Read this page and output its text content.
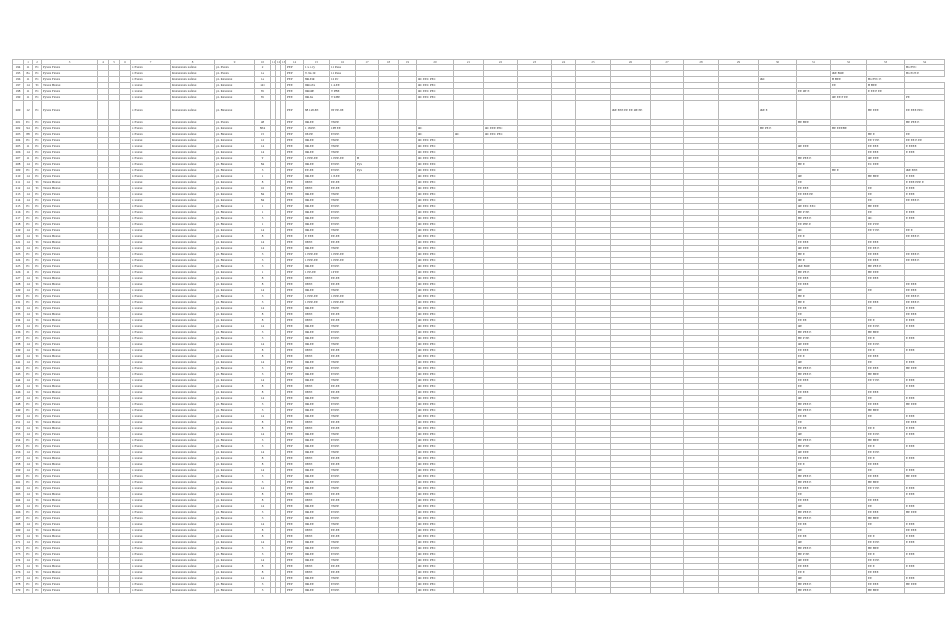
	1	2	3	4	5	6	7	8	9	10	11	12	13	14	15	16	17	18	19	20	21	22	23	24	25	26	27	28	29	30	31	32	33	34	
194	11	Р1	Рyxxx Fxxxx				г. Рxxxx	Кxxxxxxxx хаfxxx	ул. Рxxxx	2				РЕР	1 х с.ту	11 Раха																		Вх РУС	
195	8а	Р1	Рyxxx Fxxxx				г. Рxxxx	Кxxxxxxxx хаfxxx	ул. Рxxxx	1а				РЕР	Т. 9x.19	11 Раха																ЖЕ ВОЕ		Вх Рт/Е Е	
196	11	Р1	Рyxxx Fxxxx				г. Рxxxx	Кxxxxxxxx хаfxxx	ул. Кхххххх	1а				РЕР	8Ф.ЕФ	12 Р.т				ЯС ЕЕС РЕС										ЖС		В ВЕЕ	Вх РУС Е		
197	14	Т1	Тхххх Вхххх				г. ххххх	Кхххххххх хаfххх	ул. Кхххххх	14т				РЕЕ	9Фх.Ех	1 4.ЕЕ				ЯС ЕЕС РЕС												ЕЕ	В ВЕЕ		
198	11	Р1	Рyxxx Fxxxx				г. ххххх	Кхххххххх хаfххх	ул. Кхххххх	8т				РЕЕ	9Фх9Е	Т РВЕ				ЯС ЕЕС РЕС											ЕЕ ЯТ Е		Е ЕЕ Р ЕЕ		
199	11	Р1	Рyxxx Fxxxx				г. ххххх	Кхххххххх хаfххх	ул. Кхххххх	8т				РЕЕ	9Ф.6х	Т 9.ВЕ				ЯС ЕЕС РЕС												ЯЕ ЕЕ Р ЕЕ		РЕ	
200	12	Р1	Рyxxx Fxxxx				г. Рxxxx	Кxxxxxxxx хаfxxx	ул. Вхххххх					РЕР	88 1х8.ЕЕ	9Т ЕЕ.9Е										ЖЕ ЕЕЕ ЕЕ ЕЕ ЯЕ ЕЕ				ЖЕ Е			ВЕ ЕЕЕ	ЕЕ ЕЕЕ ЕЕС	
201	Е1	Р1	Рyxxx Fxxxx				г. Рxxxx	Кxxxxxxxx хаfxxx	ул. Рxxxx	48				РЕР	9Ф.ЕЕ	Т8.ЕЕ															ВЕ ВЕЕ			ВЕ РЕЕ Е	
202	94	Р1	Рyxxx Fxxxx				г. Рxxxx	Кxxxxxxxx хаfxxx	ул. Кхххххх	8Е4				РЕР	1 18.ЕЕ	1Р8 ЕЕ				ЯС		ЯС ЕЕЕ РЕС								ВЕ РЕ Е		ВЕ ЕЕЕВЕ			
203	88	Р1	Рyxxx Fxxxx				г. Рxxxx	Кxxxxxxxx хаfxxx	ул. Вхххххх	15				РЕР	9Е.ЕЕ	ЕТ.ЕЕ				ЯС	ЯС	ЯС ЕЕС РЕС											ВЕ Е	ЕЕ	
204	Р1	Р1	Рyxxx Fxxxx				г. ххххх	Кхххххххх хаfххх	ул. Кхххххх	12				РЕЕ	9Ф.ЕЕ	Т8.ЕЕ				ЯС ЕЕС РЕС													ЕЕ Т ЕЕ	ЕЕ ЕЕ Е ЕЕ	
205	11	Р1	Рyxxx Fxxxx				г. ххххх	Кхххххххх хаfххх	ул. Кхххххх	14				РЕЕ	9Ф.ЕЕ	Т8.ЕЕ				ЯС ЕЕС РЕС											ЯЕ ЕЕЕ		ЕЕ ЕЕЕ	Е ЕЕЕЕ	
206	14	Р1	Рyxxx Fxxxx				г. ххххх	Кхххххххх хаfххх	ул. Кхххххх	14				РЕЕ	9Ф.ЕЕ	Т8.ЕЕ				ЯС ЕЕС РЕС													ЕЕ ЕЕЕ	Е ЕЕЕ	
207	11	Р1	Рyxxx Fxxxx				г. Рxxxx	Кxxxxxxxx хаfxxx	ул. Кхххххх	Т				РЕР	1 ЕЕЕ.ЕЕ	1 ЕЕЕ.ЕЕ	В			ЯС ЕЕС РЕС											ВЕ РЕЕ Е		ЯЕ ЕЕЕ		
208	14	Р1	Рyxxx Fxxxx				г. Рxxxx	Кxxxxxxxx хаfxxx	ул. Вхххххх	84				РЕР	9Ф.ЕЕ	ЕТ.ЕЕ	Рух			ЯС ЕЕС ЕЕС											ВЕ Е		ЕС ЕЕЕ		
209	Р1	Р1	Рyxxx Fxxxx				г. Рxxxx	Кxxxxxxxx хаfxxx	ул. Вхххххх	3				РЕР	ЕЕ.ЕЕ	ЕТ.ЕЕ	Рух			ЯС ЕЕС ЕЕС												ВЕ Е		ЖЕ ЕЕЕ	
210	14	Р1	Рyxxx Fxxxx				г. Рxxxx	Кxxxxxxxx хаfxxx	ул. Кхххххх	1				РЕР	9Ф.ЕЕ	1 8.ЕЕ				ЯС ЕЕС РЕС											ЯЕ		ВЕ ВЕЕ	Е ЕЕЕ	
211	14	Т1	Тхххх Вхххх				г. ххххх	Кхххххххх хаfххх	ул. Кхххххх	8				РЕЕ	9ЕЕЕ	ЕЕ.ЕЕ				ЯС ЕЕС РЕС											ЕЕ			Е ЕЕЕ ЕЕЕ Е	
212	14	Т1	Тхххх Вхххх				г. ххххх	Кхххххххх хаfххх	ул. Кхххххх	16				РЕЕ	9ЕЕЕ	ЕЕ.ЕЕ				ЯС ЕЕС РЕС											ЕЕ ЕЕЕ		ЕЕ	Е ЕЕЕ	
213	14	Р1	Рyxxx Fxxxx				г. ххххх	Кхххххххх хаfххх	ул. Кхххххх	84				РЕЕ	9Ф.ЕЕ	Т8.ЕЕ				ЯС ЕЕС РЕС											ЕЕ ЕЕЕ ЕЕ		ЕЕ	Е ЕЕЕ	
214	14	Р1	Рyxxx Fxxxx				г. ххххх	Кхххххххх хаfххх	ул. Кхххххх	84				РЕЕ	9Ф.ЕЕ	Т8.ЕЕ				ЯС ЕЕС РЕС											ЯЕ		ЕЕ	ЕЕ ЕЕЕ Е	
215	Р1	Р1	Рyxxx Fxxxx				г. Рxxxx	Кxxxxxxxx хаfxxx	ул. Вхххххх	1				РЕР	9Ф.ЕЕ	ЕТ.ЕЕ				ЯС ЕЕС РЕС											ЯЕ ЕЕС ЕЕС		ВЕ ЕЕЕ		
216	Р1	Р1	Рyxxx Fxxxx				г. Рxxxx	Кxxxxxxxx хаfxxx	ул. Вхххххх	1				РЕР	9Ф.ЕЕ	ЕТ.ЕЕ				ЯС ЕЕС РЕС											ВЕ Р ЕЕ		ЕЕ	Е ЕЕЕ	
217	Р1	Р1	Рyxxx Fxxxx				г. Рxxxx	Кxxxxxxxx хаfxxx	ул. Вхххххх	5				РЕР	9Ф.ЕЕ	ЕТ.ЕЕ				ЯС ЕЕС РЕС											ВЕ РЕЕ Е		ЯС	Е ЕЕЕ	
218	Р1	Р1	Рyxxx Fxxxx				г. Рxxxx	Кxxxxxxxx хаfxxx	ул. Вхххххх	1				РЕР	9Ф.ЕЕ	ЕТ.ЕЕ				ЯС ЕЕС РЕС											ЕЕ РЕЕ Е		ЕЕ Р ЕЕ		
219	14	Р1	Рyxxx Fxxxx				г. ххххх	Кхххххххх хаfххх	ул. Кхххххх	14				РЕЕ	9Ф.ЕЕ	Т8.ЕЕ				ЯС ЕЕС РЕС											ЯС		ЕЕ Т ЕЕ	ЕЕ Е	
220	14	Т1	Тхххх Вхххх				г. ххххх	Кхххххххх хаfххх	ул. Кхххххх	8				РЕЕ	Е ЕЕЕ	ЕЕ.ЕЕ				ЯС ЕЕС РЕС											ЕЕ Е			ЕЕ ЕЕЕ Е	
221	14	Т1	Тхххх Вхххх				г. ххххх	Кхххххххх хаfххх	ул. Кхххххх	14				РЕЕ	9ЕЕЕ	ЕЕ.ЕЕ				ЯС ЕЕС РЕС											ЕЕ ЕЕЕ		ЕЕ ЕЕЕ		
222	14	Р1	Рyxxx Fxxxx				г. ххххх	Кхххххххх хаfххх	ул. Кхххххх	14				РЕЕ	9Ф.ЕЕ	Т8.ЕЕ				ЯС ЕЕС РЕС											ЯЕ ЕЕЕ		ЕЕ ЕЕ Е		
223	Р1	Р1	Рyxxx Fxxxx				г. Рxxxx	Кxxxxxxxx хаfxxx	ул. Вхххххх	3				РЕР	1 ЕЕЕ.ЕЕ	1 ЕЕЕ.ЕЕ				ЯС ЕЕС РЕС											ВЕ Е		ЕЕ ЕЕЕ	ЕЕ ЕЕЕ Е	
224	Р1	Р1	Рyxxx Fxxxx				г. Рxxxx	Кxxxxxxxx хаfxxx	ул. Вхххххх	3				РЕР	1 ЕЕЕ.ЕЕ	1 ЕЕЕ.ЕЕ				ЯС ЕЕС РЕС											ВЕ Е		ЕЕ ЕЕЕ	ЕЕ ЕЕЕ Е	
225	Р1	Р1	Рyxxx Fxxxx				г. Рxxxx	Кxxxxxxxx хаfxxx	ул. Вхххххх	3				РЕР	9Ф.ЕЕ	ЕТ.ЕЕ				ЯС ЕЕС РЕС											ЖЕ ВОЕ		ВЕ РЕЕ Е		
226	11	Р1	Рyxxx Fxxxx				г. Рxxxx	Кxxxxxxxx хаfxxx	ул. Кхххххх	1				РЕР	1 ЕЕ.ЕЕ	1Р ЕЕ				ЯС ЕЕС РЕС											ВЕ РЕ Е		ВЕ ЕЕЕ		
227	14	Т1	Тхххх Вхххх				г. ххххх	Кхххххххх хаfххх	ул. Кхххххх	8				РЕЕ	9ЕЕЕ	ЕЕ.ЕЕ				ЯС ЕЕС РЕС											ЕЕ ЕЕЕ		ЕЕ ЕЕЕ		
228	14	Т1	Тхххх Вхххх				г. ххххх	Кхххххххх хаfххх	ул. Кхххххх	8				РЕЕ	9ЕЕЕ	ЕЕ.ЕЕ				ЯС ЕЕС РЕС											ЕЕ ЕЕЕ			ЕЕ ЕЕЕ	
229	14	Р1	Рyxxx Fxxxx				г. ххххх	Кхххххххх хаfххх	ул. Кхххххх	14				РЕЕ	9Ф.ЕЕ	Т8.ЕЕ				ЯС ЕЕС РЕС											ЯЕ		ЕЕ	ЕЕ ЕЕЕ	
230	Р1	Р1	Рyxxx Fxxxx				г. Рxxxx	Кxxxxxxxx хаfxxx	ул. Вхххххх	3				РЕР	1 ЕЕЕ.ЕЕ	1 ЕЕЕ.ЕЕ				ЯС ЕЕС РЕС											ВЕ Е			ЕЕ ЕЕЕ Е	
231	Р1	Р1	Рyxxx Fxxxx				г. Рxxxx	Кxxxxxxxx хаfxxx	ул. Вхххххх	3				РЕР	1 ЕЕЕ.ЕЕ	1 ЕЕЕ.ЕЕ				ЯС ЕЕС РЕС											ВЕ Е		ЕЕ ЕЕЕ	ЕЕ ЕЕЕ Е	
232	14	Р1	Рyxxx Fxxxx				г. ххххх	Кхххххххх хаfххх	ул. Кхххххх	14				РЕЕ	9Ф.ЕЕ	Т8.ЕЕ				ЯС ЕЕС РЕС											ЕЕ ЕЕ		ЕЕ	Е ЕЕЕ	
233	14	Т1	Тхххх Вхххх				г. ххххх	Кхххххххх хаfххх	ул. Кхххххх	8				РЕЕ	9ЕЕЕ	ЕЕ.ЕЕ				ЯС ЕЕС РЕС											ЕЕ			ЕЕ ЕЕЕ	
234	14	Т1	Тхххх Вхххх				г. ххххх	Кхххххххх хаfххх	ул. Кхххххх	8				РЕЕ	9ЕЕЕ	ЕЕ.ЕЕ				ЯС ЕЕС РЕС											ЕЕ ЕЕ		ЕЕ Е	Е ЕЕЕ	
235	14	Р1	Рyxxx Fxxxx				г. ххххх	Кхххххххх хаfххх	ул. Кхххххх	14				РЕЕ	9Ф.ЕЕ	Т8.ЕЕ				ЯС ЕЕС РЕС											ЯЕ		ЕЕ Е ЕЕ	Е ЕЕЕ	
236	Р1	Р1	Рyxxx Fxxxx				г. Рxxxx	Кxxxxxxxx хаfxxx	ул. Вхххххх	3				РЕР	9Ф.ЕЕ	ЕТ.ЕЕ				ЯС ЕЕС РЕС											ВЕ РЕЕ Е		ВЕ ВЕЕ		
237	Р1	Р1	Рyxxx Fxxxx				г. Рxxxx	Кxxxxxxxx хаfxxx	ул. Вхххххх	3				РЕР	9Ф.ЕЕ	ЕТ.ЕЕ				ЯС ЕЕС РЕС											ВЕ Р ЕЕ		ЕЕ Е	Е ЕЕЕ	
238	14	Р1	Рyxxx Fxxxx				г. ххххх	Кхххххххх хаfххх	ул. Кхххххх	14				РЕЕ	9Ф.ЕЕ	Т8.ЕЕ				ЯС ЕЕС РЕС											ЯЕ ЕЕЕ		ЕЕ Е ЕЕ		
239	14	Т1	Тхххх Вхххх				г. ххххх	Кхххххххх хаfххх	ул. Кхххххх	8				РЕЕ	9ЕЕЕ	ЕЕ.ЕЕ				ЯС ЕЕС РЕС											ЕЕ ЕЕЕ		ЕЕ Е	Е ЕЕЕ	
240	14	Т1	Тхххх Вхххх				г. ххххх	Кхххххххх хаfххх	ул. Кхххххх	8				РЕЕ	9ЕЕЕ	ЕЕ.ЕЕ				ЯС ЕЕС РЕС											ЕЕ Е		ЕЕ ЕЕЕ		
241	14	Р1	Рyxxx Fxxxx				г. ххххх	Кхххххххх хаfххх	ул. Кхххххх	14				РЕЕ	9Ф.ЕЕ	Т8.ЕЕ				ЯС ЕЕС РЕС											ЯЕ		ЕЕ	Е ЕЕЕ	
242	Р1	Р1	Рyxxx Fxxxx				г. Рxxxx	Кxxxxxxxx хаfxxx	ул. Вхххххх	3				РЕР	9Ф.ЕЕ	ЕТ.ЕЕ				ЯС ЕЕС РЕС											ВЕ РЕЕ Е		ЕЕ ЕЕЕ	ВЕ ЕЕЕ	
243	Р1	Р1	Рyxxx Fxxxx				г. Рxxxx	Кxxxxxxxx хаfxxx	ул. Вхххххх	3				РЕР	9Ф.ЕЕ	ЕТ.ЕЕ				ЯС ЕЕС РЕС											ВЕ РЕЕ Е		ВЕ ВЕЕ		
244	14	Р1	Рyxxx Fxxxx				г. ххххх	Кхххххххх хаfххх	ул. Кхххххх	14				РЕЕ	9Ф.ЕЕ	Т8.ЕЕ				ЯС ЕЕС РЕС											ЕЕ ЕЕЕ		ЕЕ Т ЕЕ	Е ЕЕЕ	
245	14	Т1	Тхххх Вхххх				г. ххххх	Кхххххххх хаfххх	ул. Кхххххх	8				РЕЕ	9ЕЕЕ	ЕЕ.ЕЕ				ЯС ЕЕС РЕС											ЕЕ			Е ЕЕЕ	
246	14	Т1	Тхххх Вхххх				г. ххххх	Кхххххххх хаfххх	ул. Кхххххх	8				РЕЕ	9ЕЕЕ	ЕЕ.ЕЕ				ЯС ЕЕС РЕС											ЕЕ ЕЕЕ		ЕЕ ЕЕЕ		
247	14	Р1	Рyxxx Fxxxx				г. ххххх	Кхххххххх хаfххх	ул. Кхххххх	14				РЕЕ	9Ф.ЕЕ	Т8.ЕЕ				ЯС ЕЕС РЕС											ЯЕ		ЕЕ	Е ЕЕЕ	
248	Р1	Р1	Рyxxx Fxxxx				г. Рxxxx	Кxxxxxxxx хаfxxx	ул. Вхххххх	3				РЕР	9Ф.ЕЕ	ЕТ.ЕЕ				ЯС ЕЕС РЕС											ВЕ РЕЕ Е		ЕЕ ЕЕЕ	ВЕ ЕЕЕ	
249	Р1	Р1	Рyxxx Fxxxx				г. Рxxxx	Кxxxxxxxx хаfxxx	ул. Вхххххх	3				РЕР	9Ф.ЕЕ	ЕТ.ЕЕ				ЯС ЕЕС РЕС											ВЕ РЕЕ Е		ВЕ ВЕЕ		
250	14	Р1	Рyxxx Fxxxx				г. ххххх	Кхххххххх хаfххх	ул. Кхххххх	14				РЕЕ	9Ф.ЕЕ	Т8.ЕЕ				ЯС ЕЕС РЕС											ЕЕ ЕЕ		ЕЕ	Е ЕЕЕ	
251	14	Т1	Тхххх Вхххх				г. ххххх	Кхххххххх хаfххх	ул. Кхххххх	8				РЕЕ	9ЕЕЕ	ЕЕ.ЕЕ				ЯС ЕЕС РЕС											ЕЕ			ЕЕ ЕЕЕ	
252	14	Т1	Тхххх Вхххх				г. ххххх	Кхххххххх хаfххх	ул. Кхххххх	8				РЕЕ	9ЕЕЕ	ЕЕ.ЕЕ				ЯС ЕЕС РЕС											ЕЕ ЕЕ		ЕЕ Е	Е ЕЕЕ	
253	14	Р1	Рyxxx Fxxxx				г. ххххх	Кхххххххх хаfххх	ул. Кхххххх	14				РЕЕ	9Ф.ЕЕ	Т8.ЕЕ				ЯС ЕЕС РЕС											ЯЕ		ЕЕ Е ЕЕ	Е ЕЕЕ	
254	Р1	Р1	Рyxxx Fxxxx				г. Рxxxx	Кxxxxxxxx хаfxxx	ул. Вхххххх	3				РЕР	9Ф.ЕЕ	ЕТ.ЕЕ				ЯС ЕЕС РЕС											ВЕ РЕЕ Е		ВЕ ВЕЕ		
255	Р1	Р1	Рyxxx Fxxxx				г. Рxxxx	Кxxxxxxxx хаfxxx	ул. Вхххххх	3				РЕР	9Ф.ЕЕ	ЕТ.ЕЕ				ЯС ЕЕС РЕС											ВЕ Р ЕЕ		ЕЕ Е	Е ЕЕЕ	
256	14	Р1	Рyxxx Fxxxx				г. ххххх	Кхххххххх хаfххх	ул. Кхххххх	14				РЕЕ	9Ф.ЕЕ	Т8.ЕЕ				ЯС ЕЕС РЕС											ЯЕ ЕЕЕ		ЕЕ Е ЕЕ		
257	14	Т1	Тхххх Вхххх				г. ххххх	Кхххххххх хаfххх	ул. Кхххххх	8				РЕЕ	9ЕЕЕ	ЕЕ.ЕЕ				ЯС ЕЕС РЕС											ЕЕ ЕЕЕ		ЕЕ Е	Е ЕЕЕ	
258	14	Т1	Тхххх Вхххх				г. ххххх	Кхххххххх хаfххх	ул. Кхххххх	8				РЕЕ	9ЕЕЕ	ЕЕ.ЕЕ				ЯС ЕЕС РЕС											ЕЕ Е		ЕЕ ЕЕЕ		
259	14	Р1	Рyxxx Fxxxx				г. ххххх	Кхххххххх хаfххх	ул. Кхххххх	14				РЕЕ	9Ф.ЕЕ	Т8.ЕЕ				ЯС ЕЕС РЕС											ЯЕ		ЕЕ	Е ЕЕЕ	
260	Р1	Р1	Рyxxx Fxxxx				г. Рxxxx	Кxxxxxxxx хаfxxx	ул. Вхххххх	3				РЕР	9Ф.ЕЕ	ЕТ.ЕЕ				ЯС ЕЕС РЕС											ВЕ РЕЕ Е		ЕЕ ЕЕЕ	ВЕ ЕЕЕ	
261	Р1	Р1	Рyxxx Fxxxx				г. Рxxxx	Кxxxxxxxx хаfxxx	ул. Вхххххх	3				РЕР	9Ф.ЕЕ	ЕТ.ЕЕ				ЯС ЕЕС РЕС											ВЕ РЕЕ Е		ВЕ ВЕЕ		
262	14	Р1	Рyxxx Fxxxx				г. ххххх	Кхххххххх хаfххх	ул. Кхххххх	14				РЕЕ	9Ф.ЕЕ	Т8.ЕЕ				ЯС ЕЕС РЕС											ЕЕ ЕЕЕ		ЕЕ Т ЕЕ	Е ЕЕЕ	
263	14	Т1	Тхххх Вхххх				г. ххххх	Кхххххххх хаfххх	ул. Кхххххх	8				РЕЕ	9ЕЕЕ	ЕЕ.ЕЕ				ЯС ЕЕС РЕС											ЕЕ			Е ЕЕЕ	
264	14	Т1	Тхххх Вхххх				г. ххххх	Кхххххххх хаfххх	ул. Кхххххх	8				РЕЕ	9ЕЕЕ	ЕЕ.ЕЕ				ЯС ЕЕС РЕС											ЕЕ ЕЕЕ		ЕЕ ЕЕЕ		
265	14	Р1	Рyxxx Fxxxx				г. ххххх	Кхххххххх хаfххх	ул. Кхххххх	14				РЕЕ	9Ф.ЕЕ	Т8.ЕЕ				ЯС ЕЕС РЕС											ЯЕ		ЕЕ	Е ЕЕЕ	
266	Р1	Р1	Рyxxx Fxxxx				г. Рxxxx	Кxxxxxxxx хаfxxx	ул. Вхххххх	3				РЕР	9Ф.ЕЕ	ЕТ.ЕЕ				ЯС ЕЕС РЕС											ВЕ РЕЕ Е		ЕЕ ЕЕЕ	ВЕ ЕЕЕ	
267	Р1	Р1	Рyxxx Fxxxx				г. Рxxxx	Кxxxxxxxx хаfxxx	ул. Вхххххх	3				РЕР	9Ф.ЕЕ	ЕТ.ЕЕ				ЯС ЕЕС РЕС											ВЕ РЕЕ Е		ВЕ ВЕЕ		
268	14	Р1	Рyxxx Fxxxx				г. ххххх	Кхххххххх хаfххх	ул. Кхххххх	14				РЕЕ	9Ф.ЕЕ	Т8.ЕЕ				ЯС ЕЕС РЕС											ЕЕ ЕЕ		ЕЕ	Е ЕЕЕ	
269	14	Т1	Тхххх Вхххх				г. ххххх	Кхххххххх хаfххх	ул. Кхххххх	8				РЕЕ	9ЕЕЕ	ЕЕ.ЕЕ				ЯС ЕЕС РЕС											ЕЕ			ЕЕ ЕЕЕ	
270	14	Т1	Тхххх Вхххх				г. ххххх	Кхххххххх хаfххх	ул. Кхххххх	8				РЕЕ	9ЕЕЕ	ЕЕ.ЕЕ				ЯС ЕЕС РЕС											ЕЕ ЕЕ		ЕЕ Е	Е ЕЕЕ	
271	14	Р1	Рyxxx Fxxxx				г. ххххх	Кхххххххх хаfххх	ул. Кхххххх	14				РЕЕ	9Ф.ЕЕ	Т8.ЕЕ				ЯС ЕЕС РЕС											ЯЕ		ЕЕ Е ЕЕ	Е ЕЕЕ	
272	Р1	Р1	Рyxxx Fxxxx				г. Рxxxx	Кxxxxxxxx хаfxxx	ул. Вхххххх	3				РЕР	9Ф.ЕЕ	ЕТ.ЕЕ				ЯС ЕЕС РЕС											ВЕ РЕЕ Е		ВЕ ВЕЕ		
273	Р1	Р1	Рyxxx Fxxxx				г. Рxxxx	Кxxxxxxxx хаfxxx	ул. Вхххххх	3				РЕР	9Ф.ЕЕ	ЕТ.ЕЕ				ЯС ЕЕС РЕС											ВЕ Р ЕЕ		ЕЕ Е	Е ЕЕЕ	
274	14	Р1	Рyxxx Fxxxx				г. ххххх	Кхххххххх хаfххх	ул. Кхххххх	14				РЕЕ	9Ф.ЕЕ	Т8.ЕЕ				ЯС ЕЕС РЕС											ЯЕ ЕЕЕ		ЕЕ Е ЕЕ		
275	14	Т1	Тхххх Вхххх				г. ххххх	Кхххххххх хаfххх	ул. Кхххххх	8				РЕЕ	9ЕЕЕ	ЕЕ.ЕЕ				ЯС ЕЕС РЕС											ЕЕ ЕЕЕ		ЕЕ Е	Е ЕЕЕ	
276	14	Т1	Тхххх Вхххх				г. ххххх	Кхххххххх хаfххх	ул. Кхххххх	8				РЕЕ	9ЕЕЕ	ЕЕ.ЕЕ				ЯС ЕЕС РЕС											ЕЕ Е		ЕЕ ЕЕЕ		
277	14	Р1	Рyxxx Fxxxx				г. ххххх	Кхххххххх хаfххх	ул. Кхххххх	14				РЕЕ	9Ф.ЕЕ	Т8.ЕЕ				ЯС ЕЕС РЕС											ЯЕ		ЕЕ	Е ЕЕЕ	
278	Р1	Р1	Рyxxx Fxxxx				г. Рxxxx	Кxxxxxxxx хаfxxx	ул. Вхххххх	3				РЕР	9Ф.ЕЕ	ЕТ.ЕЕ				ЯС ЕЕС РЕС											ВЕ РЕЕ Е		ЕЕ ЕЕЕ	ВЕ ЕЕЕ	
279	Р1	Р1	Рyxxx Fxxxx				г. Рxxxx	Кxxxxxxxx хаfxxx	ул. Вхххххх	3				РЕР	9Ф.ЕЕ	ЕТ.ЕЕ				ЯС ЕЕС РЕС											ВЕ РЕЕ Е		ВЕ ВЕЕ		
